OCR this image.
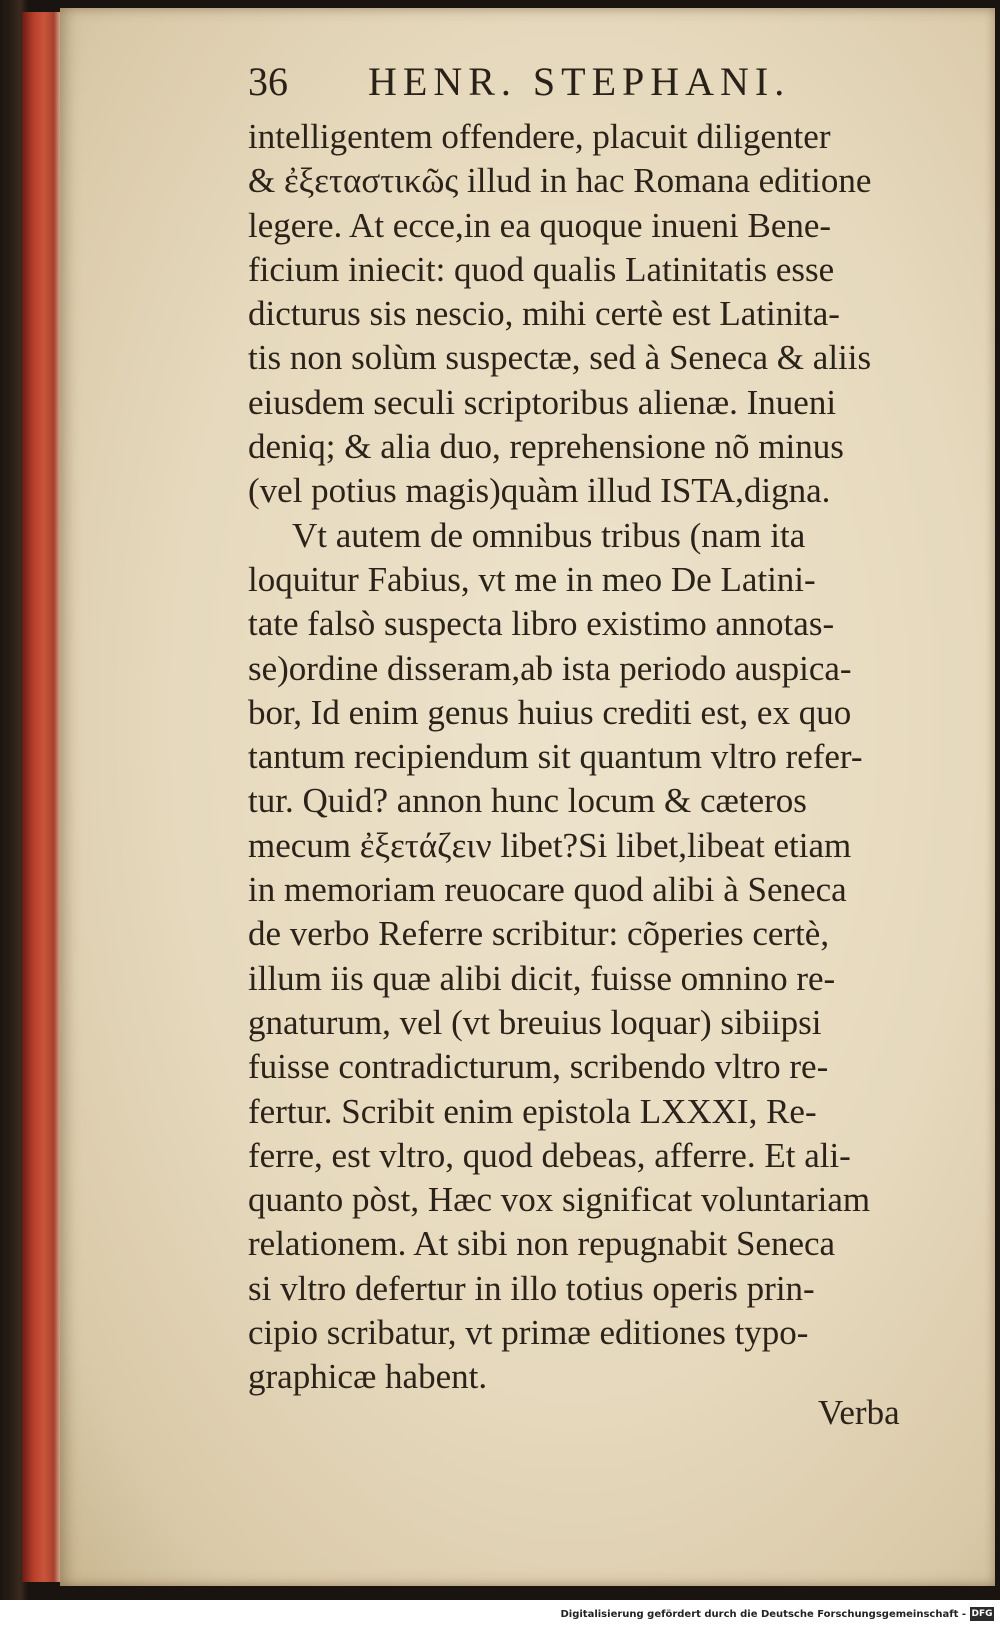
36 HENR. STEPHANI.
intelligentem offendere, placuit diligenter
& ἐξεταστικῶς illud in hac Romana editione
legere. At ecce,in ea quoque inueni Bene-
ficium iniecit: quod qualis Latinitatis esse
dicturus sis nescio, mihi certè est Latinita-
tis non solùm suspectæ, sed à Seneca & aliis
eiusdem seculi scriptoribus alienæ. Inueni
deniq; & alia duo, reprehensione nõ minus
(vel potius magis)quàm illud ISTA,digna.
Vt autem de omnibus tribus (nam ita
loquitur Fabius, vt me in meo De Latini-
tate falsò suspecta libro existimo annotas-
se)ordine disseram,ab ista periodo auspica-
bor, Id enim genus huius crediti est, ex quo
tantum recipiendum sit quantum vltro refer-
tur. Quid? annon hunc locum & cæteros
mecum ἐξετάζειν libet?Si libet,libeat etiam
in memoriam reuocare quod alibi à Seneca
de verbo Referre scribitur: cõperies certè,
illum iis quæ alibi dicit, fuisse omnino re-
gnaturum, vel (vt breuius loquar) sibiipsi
fuisse contradicturum, scribendo vltro re-
fertur. Scribit enim epistola LXXXI, Re-
ferre, est vltro, quod debeas, afferre. Et ali-
quanto pòst, Hæc vox significat voluntariam
relationem. At sibi non repugnabit Seneca
si vltro defertur in illo totius operis prin-
cipio scribatur, vt primæ editiones typo-
graphicæ habent.
Verba
Digitalisierung gefördert durch die Deutsche Forschungsgemeinschaft - DFG
